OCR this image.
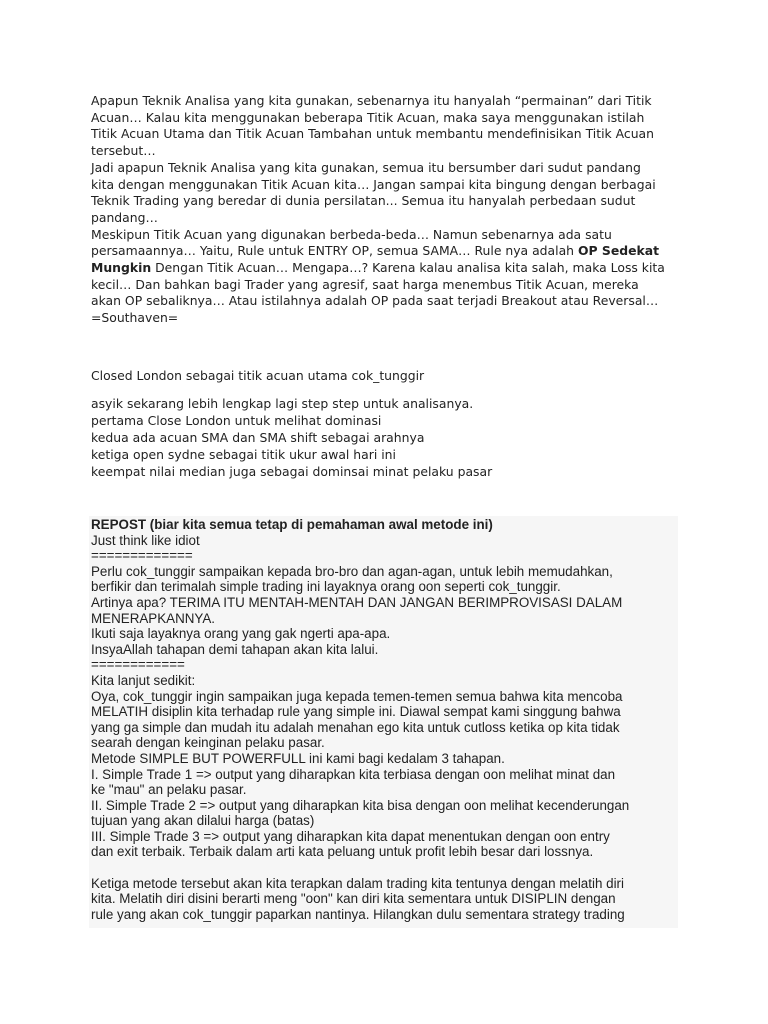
Apapun Teknik Analisa yang kita gunakan, sebenarnya itu hanyalah “permainan” dari Titik

Acuan… Kalau kita menggunakan beberapa Titik Acuan, maka saya menggunakan istilah

Titik Acuan Utama dan Titik Acuan Tambahan untuk membantu mendefinisikan Titik Acuan

tersebut…

Jadi apapun Teknik Analisa yang kita gunakan, semua itu bersumber dari sudut pandang

kita dengan menggunakan Titik Acuan kita… Jangan sampai kita bingung dengan berbagai

Teknik Trading yang beredar di dunia persilatan... Semua itu hanyalah perbedaan sudut

pandang…

Meskipun Titik Acuan yang digunakan berbeda-beda… Namun sebenarnya ada satu

persamaannya… Yaitu, Rule untuk ENTRY OP, semua SAMA… Rule nya adalah OP Sedekat

Mungkin Dengan Titik Acuan… Mengapa…? Karena kalau analisa kita salah, maka Loss kita

kecil… Dan bahkan bagi Trader yang agresif, saat harga menembus Titik Acuan, mereka

akan OP sebaliknya… Atau istilahnya adalah OP pada saat terjadi Breakout atau Reversal…

=Southaven=

Closed London sebagai titik acuan utama cok_tunggir

asyik sekarang lebih lengkap lagi step step untuk analisanya.

pertama Close London untuk melihat dominasi

kedua ada acuan SMA dan SMA shift sebagai arahnya

ketiga open sydne sebagai titik ukur awal hari ini

keempat nilai median juga sebagai dominsai minat pelaku pasar

REPOST (biar kita semua tetap di pemahaman awal metode ini)

Just think like idiot

=============

Perlu cok_tunggir sampaikan kepada bro-bro dan agan-agan, untuk lebih memudahkan,

berfikir dan terimalah simple trading ini layaknya orang oon seperti cok_tunggir.

Artinya apa? TERIMA ITU MENTAH-MENTAH DAN JANGAN BERIMPROVISASI DALAM

MENERAPKANNYA.

Ikuti saja layaknya orang yang gak ngerti apa-apa.

InsyaAllah tahapan demi tahapan akan kita lalui.

============

Kita lanjut sedikit:

Oya, cok_tunggir ingin sampaikan juga kepada temen-temen semua bahwa kita mencoba

MELATIH disiplin kita terhadap rule yang simple ini. Diawal sempat kami singgung bahwa

yang ga simple dan mudah itu adalah menahan ego kita untuk cutloss ketika op kita tidak

searah dengan keinginan pelaku pasar.

Metode SIMPLE BUT POWERFULL ini kami bagi kedalam 3 tahapan.

I. Simple Trade 1 => output yang diharapkan kita terbiasa dengan oon melihat minat dan

ke "mau" an pelaku pasar.

II. Simple Trade 2 => output yang diharapkan kita bisa dengan oon melihat kecenderungan

tujuan yang akan dilalui harga (batas)

III. Simple Trade 3 => output yang diharapkan kita dapat menentukan dengan oon entry

dan exit terbaik. Terbaik dalam arti kata peluang untuk profit lebih besar dari lossnya.

Ketiga metode tersebut akan kita terapkan dalam trading kita tentunya dengan melatih diri

kita. Melatih diri disini berarti meng "oon" kan diri kita sementara untuk DISIPLIN dengan

rule yang akan cok_tunggir paparkan nantinya. Hilangkan dulu sementara strategy trading
